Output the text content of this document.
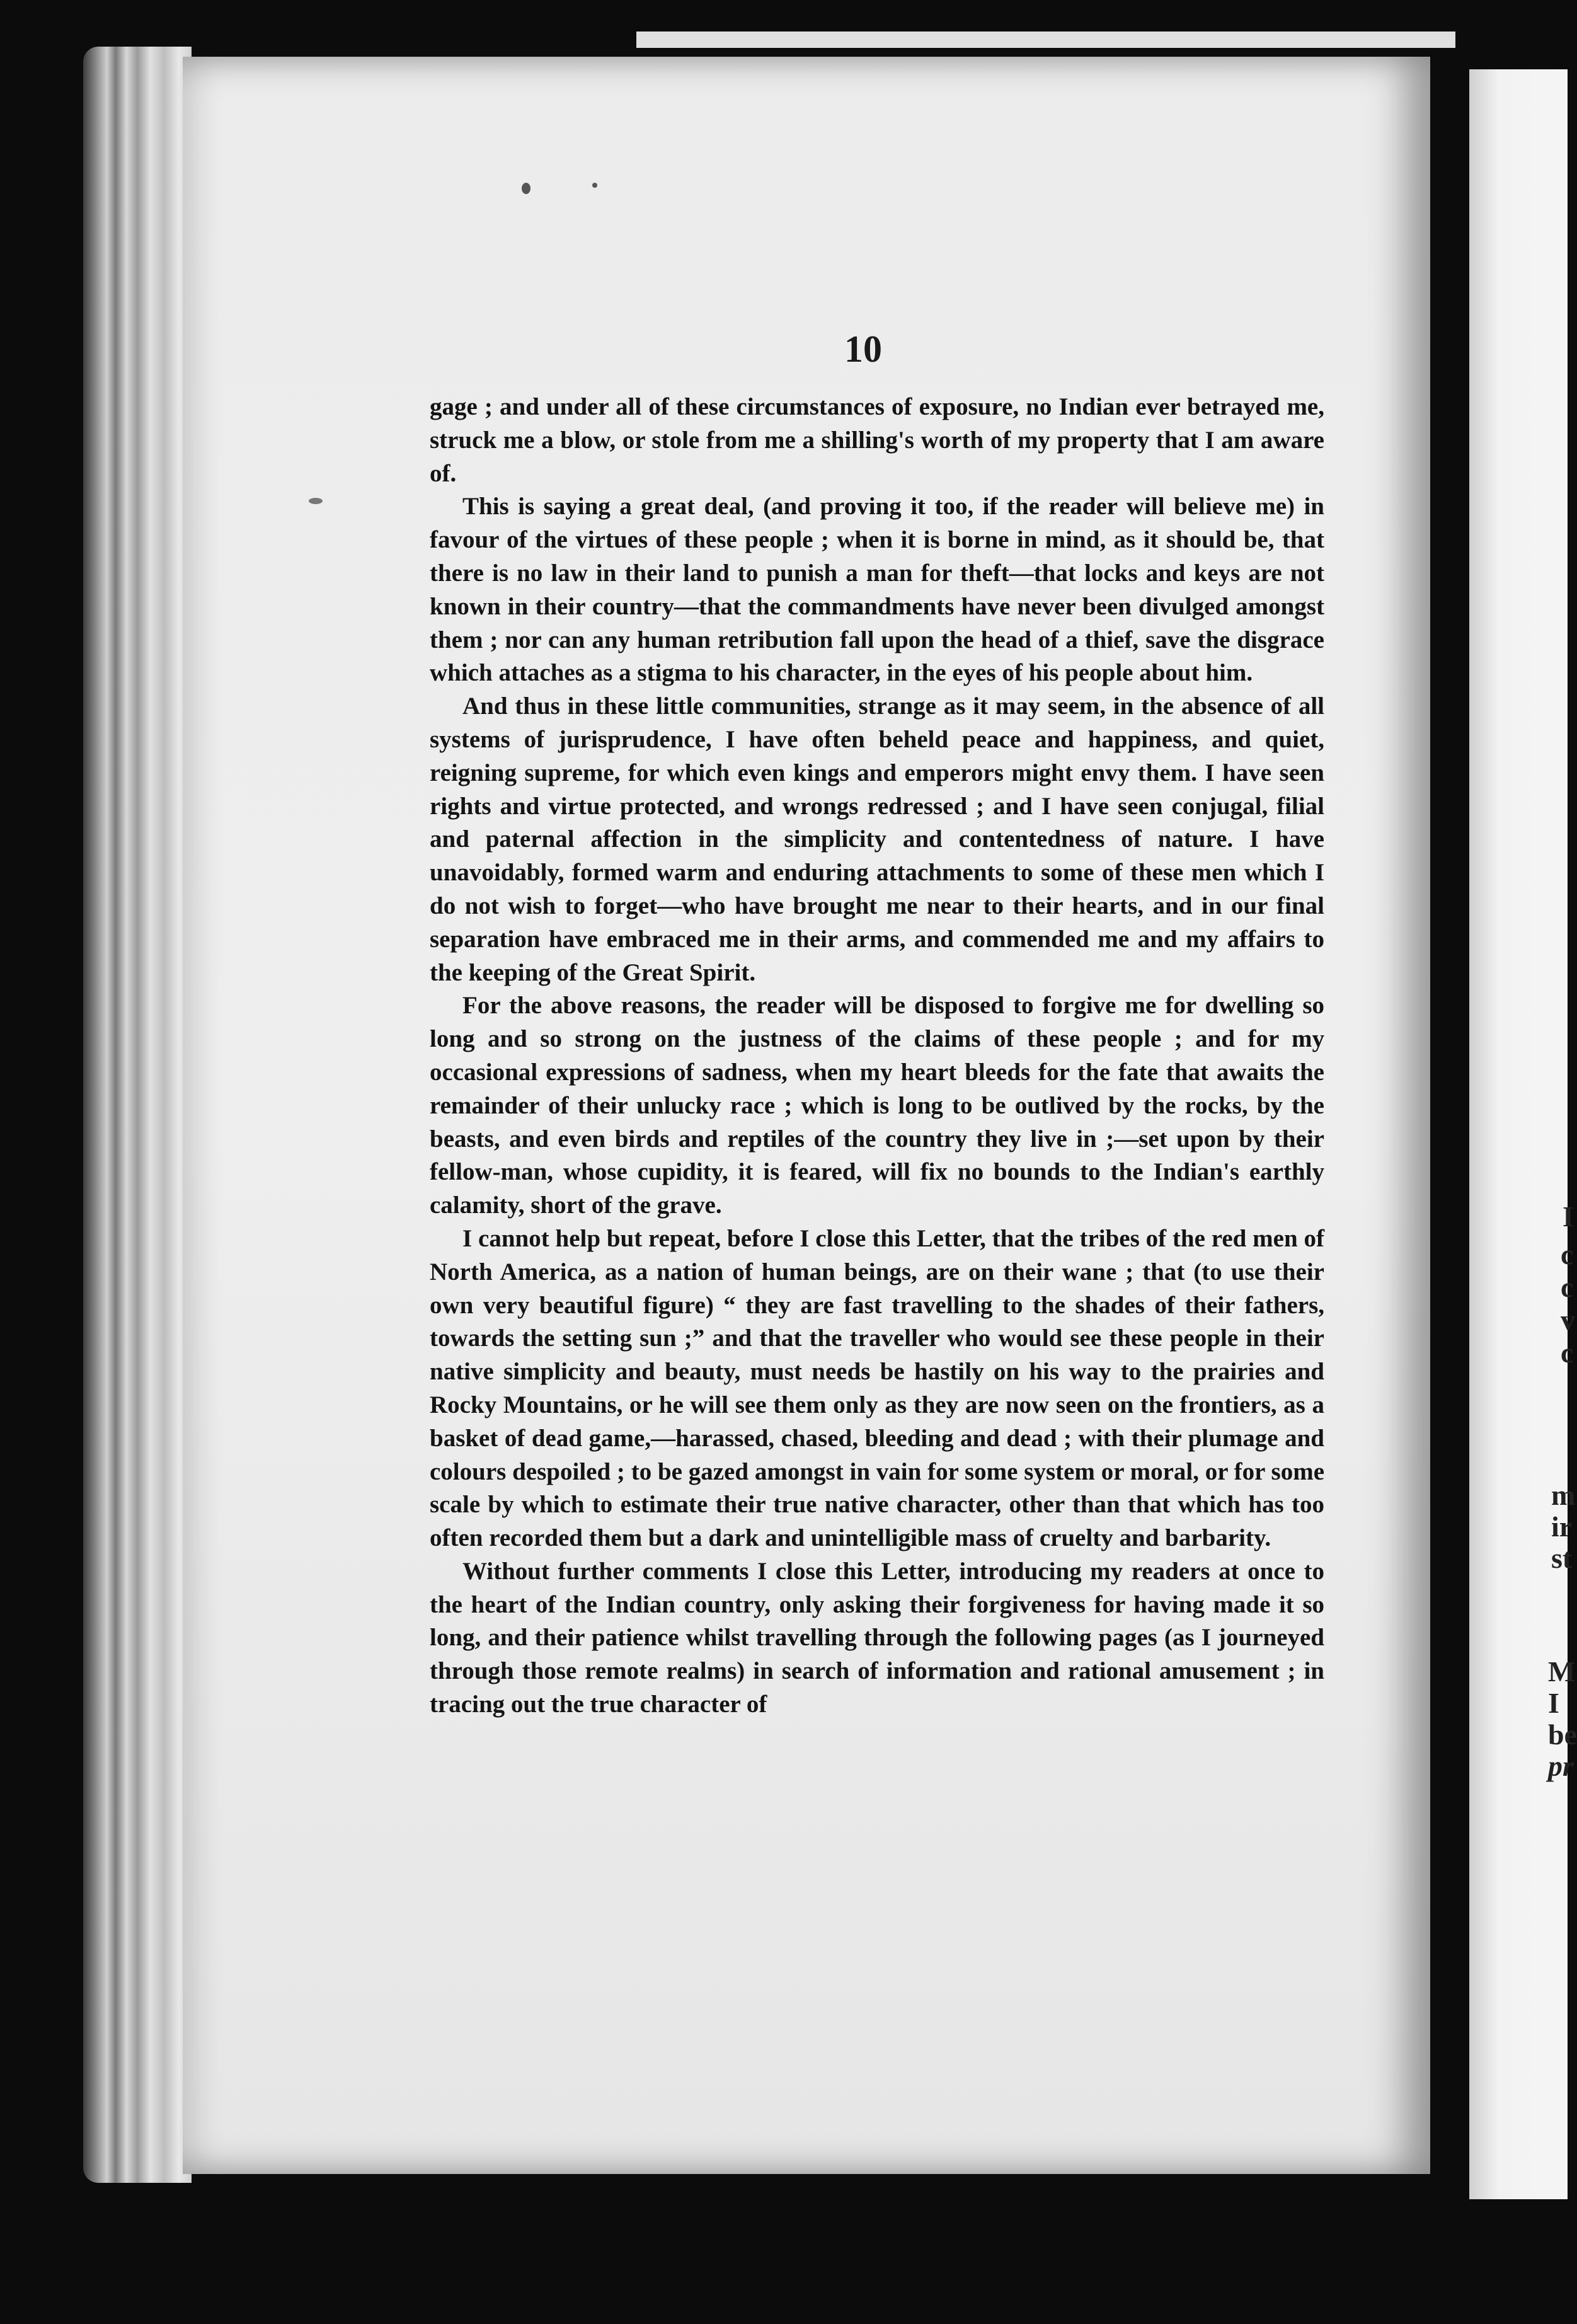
I
c
c
v
c
m
ir
st
M
I
be
pr
10

gage ; and under all of these circumstances of exposure, no Indian ever betrayed me, struck me a blow, or stole from me a shilling's worth of my property that I am aware of.

This is saying a great deal, (and proving it too, if the reader will believe me) in favour of the virtues of these people ; when it is borne in mind, as it should be, that there is no law in their land to punish a man for theft—that locks and keys are not known in their country—that the commandments have never been divulged amongst them ; nor can any human retribution fall upon the head of a thief, save the disgrace which attaches as a stigma to his character, in the eyes of his people about him.

And thus in these little communities, strange as it may seem, in the absence of all systems of jurisprudence, I have often beheld peace and happiness, and quiet, reigning supreme, for which even kings and emperors might envy them. I have seen rights and virtue protected, and wrongs redressed ; and I have seen conjugal, filial and paternal affection in the simplicity and contentedness of nature. I have unavoidably, formed warm and enduring attachments to some of these men which I do not wish to forget—who have brought me near to their hearts, and in our final separation have embraced me in their arms, and commended me and my affairs to the keeping of the Great Spirit.

For the above reasons, the reader will be disposed to forgive me for dwelling so long and so strong on the justness of the claims of these people ; and for my occasional expressions of sadness, when my heart bleeds for the fate that awaits the remainder of their unlucky race ; which is long to be outlived by the rocks, by the beasts, and even birds and reptiles of the country they live in ;—set upon by their fellow-man, whose cupidity, it is feared, will fix no bounds to the Indian's earthly calamity, short of the grave.

I cannot help but repeat, before I close this Letter, that the tribes of the red men of North America, as a nation of human beings, are on their wane ; that (to use their own very beautiful figure) “ they are fast travelling to the shades of their fathers, towards the setting sun ;” and that the traveller who would see these people in their native simplicity and beauty, must needs be hastily on his way to the prairies and Rocky Mountains, or he will see them only as they are now seen on the frontiers, as a basket of dead game,—harassed, chased, bleeding and dead ; with their plumage and colours despoiled ; to be gazed amongst in vain for some system or moral, or for some scale by which to estimate their true native character, other than that which has too often recorded them but a dark and unintelligible mass of cruelty and barbarity.

Without further comments I close this Letter, introducing my readers at once to the heart of the Indian country, only asking their forgiveness for having made it so long, and their patience whilst travelling through the following pages (as I journeyed through those remote realms) in search of information and rational amusement ; in tracing out the true character of
